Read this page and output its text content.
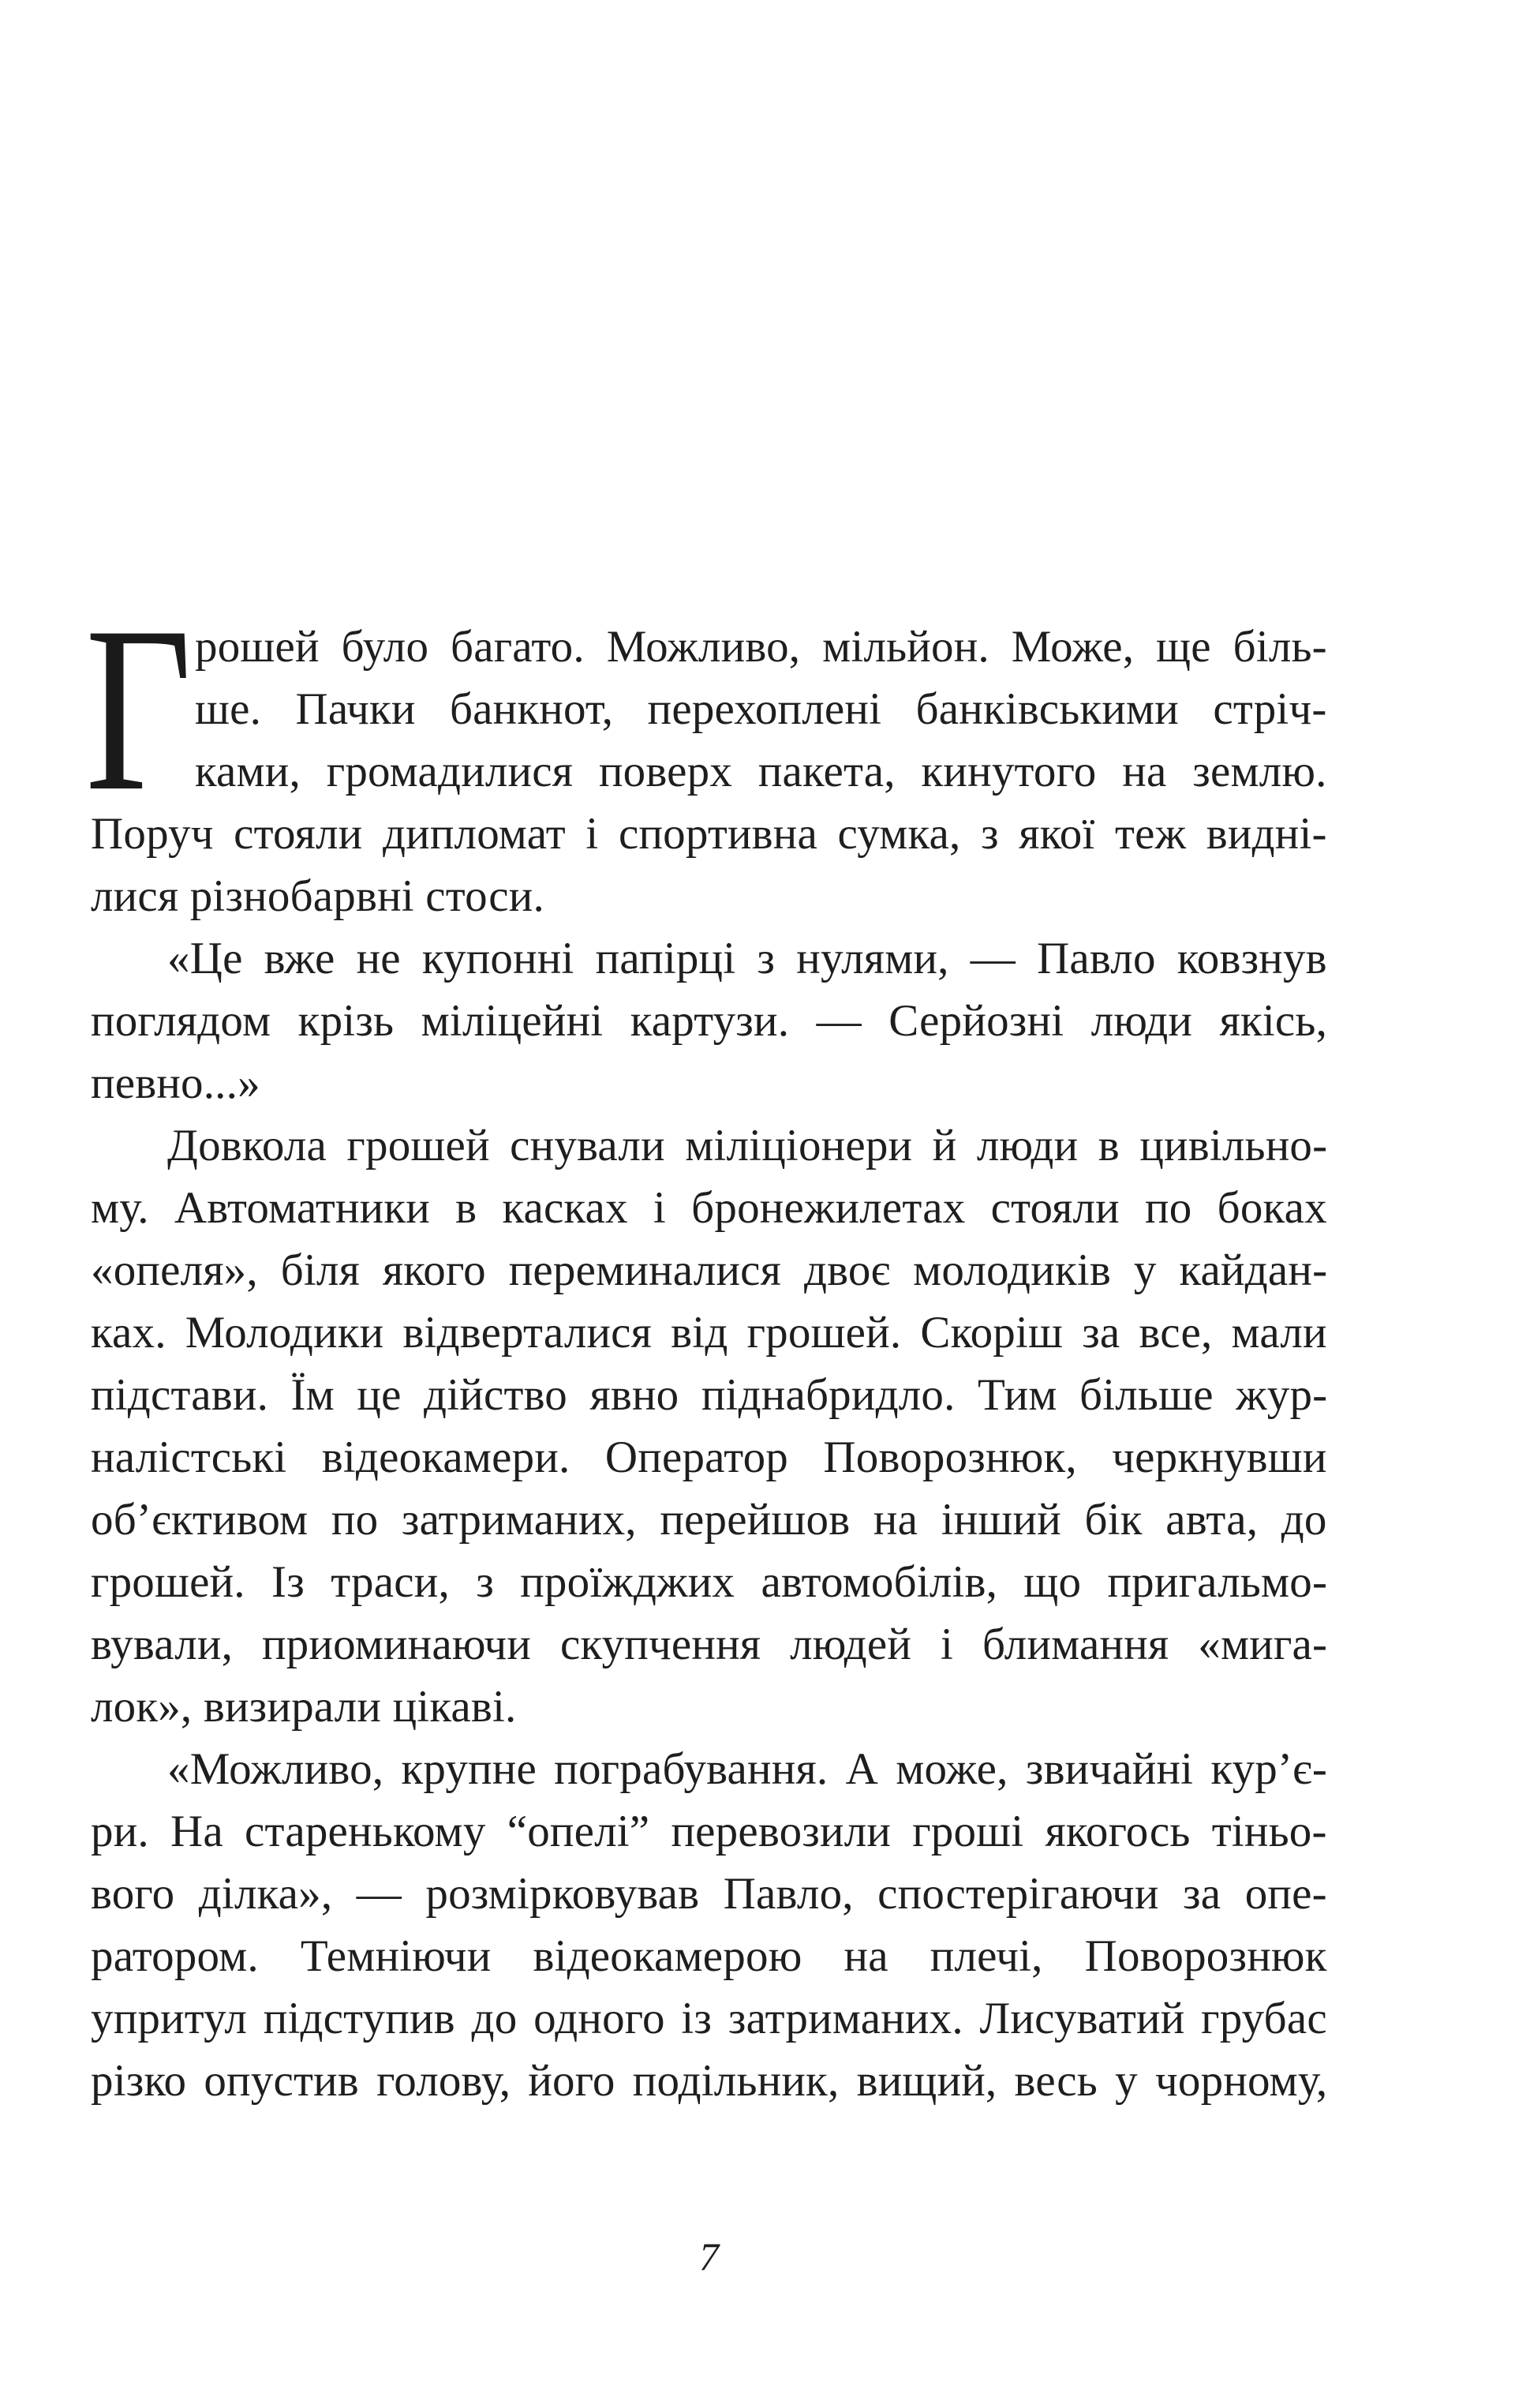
Г рошей було багато. Можливо, мільйон. Може, ще біль-
ше. Пачки банкнот, перехоплені банківськими стріч-
ками, громадилися поверх пакета, кинутого на землю.
Поруч стояли дипломат і спортивна сумка, з якої теж видні-
лися різнобарвні стоси.
«Це вже не купонні папірці з нулями, — Павло ковзнув
поглядом крізь міліцейні картузи. — Серйозні люди якісь,
певно...»
Довкола грошей снували міліціонери й люди в цивільно-
му. Автоматники в касках і бронежилетах стояли по боках
«опеля», біля якого переминалися двоє молодиків у кайдан-
ках. Молодики відверталися від грошей. Скоріш за все, мали
підстави. Їм це дійство явно піднабридло. Тим більше жур-
налістські відеокамери. Оператор Поворознюк, черкнувши
об’єктивом по затриманих, перейшов на інший бік авта, до
грошей. Із траси, з проїжджих автомобілів, що пригальмо-
вували, приоминаючи скупчення людей і блимання «мига-
лок», визирали цікаві.
«Можливо, крупне пограбування. А може, звичайні кур’є-
ри. На старенькому “опелі” перевозили гроші якогось тіньо-
вого ділка», — розмірковував Павло, спостерігаючи за опе-
ратором. Темніючи відеокамерою на плечі, Поворознюк
упритул підступив до одного із затриманих. Лисуватий грубас
різко опустив голову, його подільник, вищий, весь у чорному,
7
